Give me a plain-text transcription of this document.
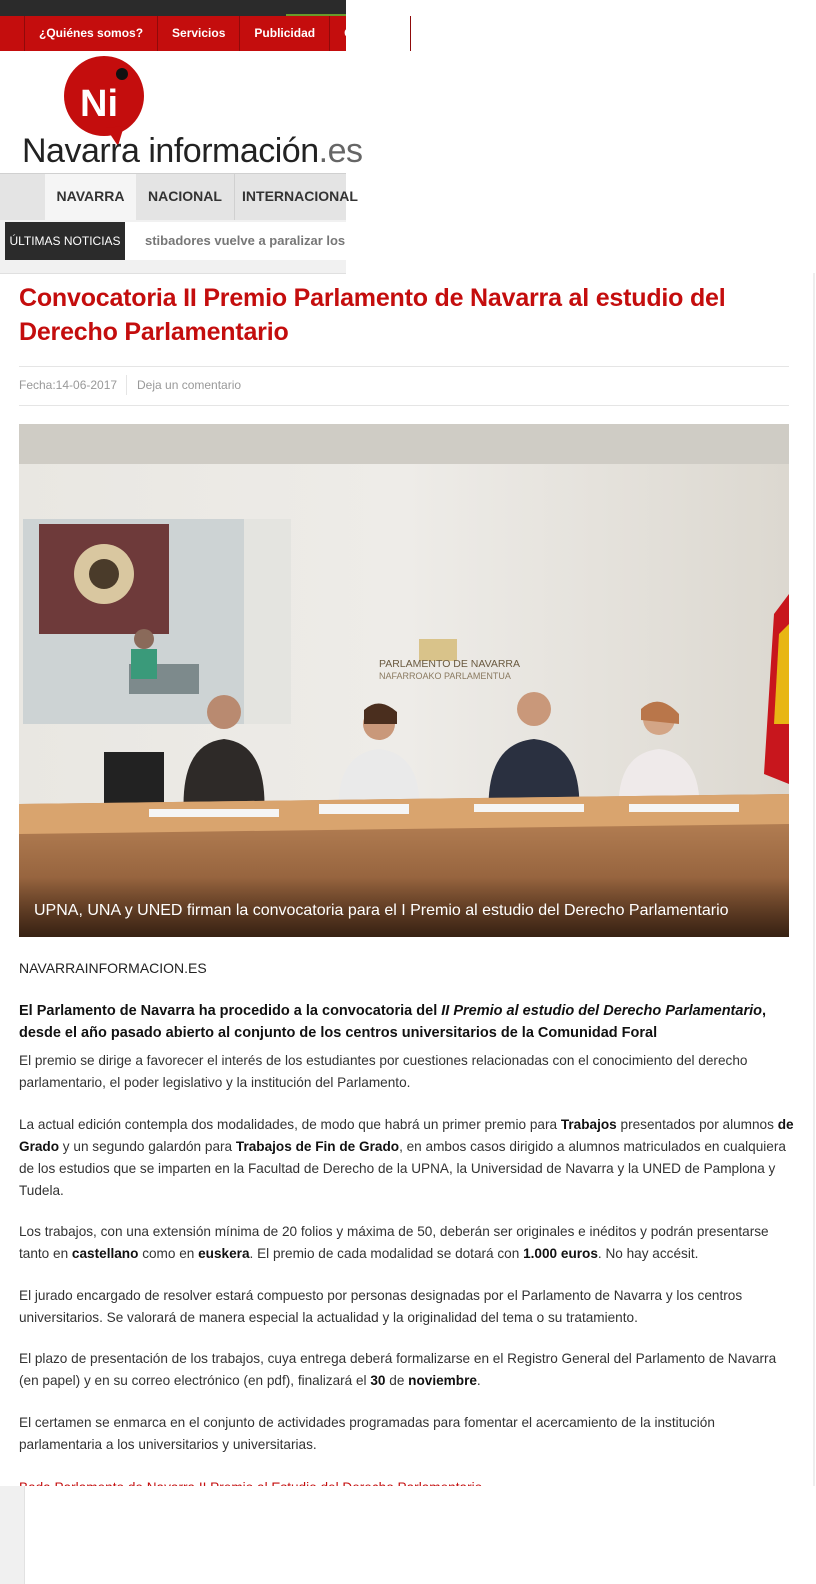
¿Quiénes somos?	Servicios	Publicidad	Contacto
Ni
Navarra información.es
NAVARRA	NACIONAL	INTERNACIONAL
ÚLTIMAS NOTICIAS	stibadores vuelve a paralizar los
Convocatoria II Premio Parlamento de Navarra al estudio del Derecho Parlamentario
Fecha:14-06-2017 Deja un comentario
PARLAMENTO DE NAVARRA
NAFARROAKO PARLAMENTUA
UPNA, UNA y UNED firman la convocatoria para el I Premio al estudio del Derecho Parlamentario
NAVARRAINFORMACION.ES
El Parlamento de Navarra ha procedido a la convocatoria del II Premio al estudio del Derecho Parlamentario, desde el año pasado abierto al conjunto de los centros universitarios de la Comunidad Foral

El premio se dirige a favorecer el interés de los estudiantes por cuestiones relacionadas con el conocimiento del derecho parlamentario, el poder legislativo y la institución del Parlamento.

La actual edición contempla dos modalidades, de modo que habrá un primer premio para Trabajos presentados por alumnos de Grado y un segundo galardón para Trabajos de Fin de Grado, en ambos casos dirigido a alumnos matriculados en cualquiera de los estudios que se imparten en la Facultad de Derecho de la UPNA, la Universidad de Navarra y la UNED de Pamplona y Tudela.

Los trabajos, con una extensión mínima de 20 folios y máxima de 50, deberán ser originales e inéditos y podrán presentarse tanto en castellano como en euskera. El premio de cada modalidad se dotará con 1.000 euros. No hay accésit.

El jurado encargado de resolver estará compuesto por personas designadas por el Parlamento de Navarra y los centros universitarios. Se valorará de manera especial la actualidad y la originalidad del tema o su tratamiento.

El plazo de presentación de los trabajos, cuya entrega deberá formalizarse en el Registro General del Parlamento de Navarra (en papel) y en su correo electrónico (en pdf), finalizará el 30 de noviembre.

El certamen se enmarca en el conjunto de actividades programadas para fomentar el acercamiento de la institución parlamentaria a los universitarios y universitarias.
